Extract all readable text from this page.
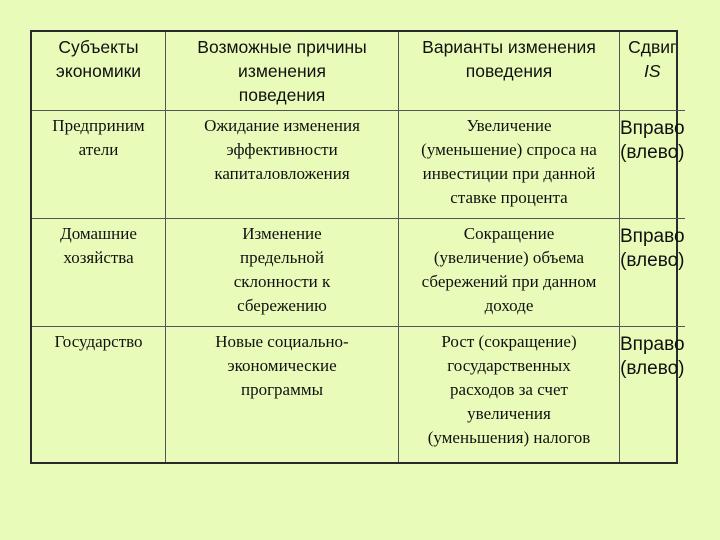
Субъекты
экономики
Возможные причины
изменения
поведения
Варианты изменения
поведения
Сдвиг
IS
Предприним
атели
Ожидание изменения
эффективности
капиталовложения
Увеличение
(уменьшение) спроса на
инвестиции при данной
ставке процента
Вправо
(влево)
Домашние
хозяйства
Изменение
предельной
склонности к
сбережению
Сокращение
(увеличение) объема
сбережений при данном
доходе
Вправо
(влево)
Государство	Новые социально-
экономические
программы
Рост (сокращение)
государственных
расходов за счет
увеличения
(уменьшения) налогов
Вправо
(влево)
